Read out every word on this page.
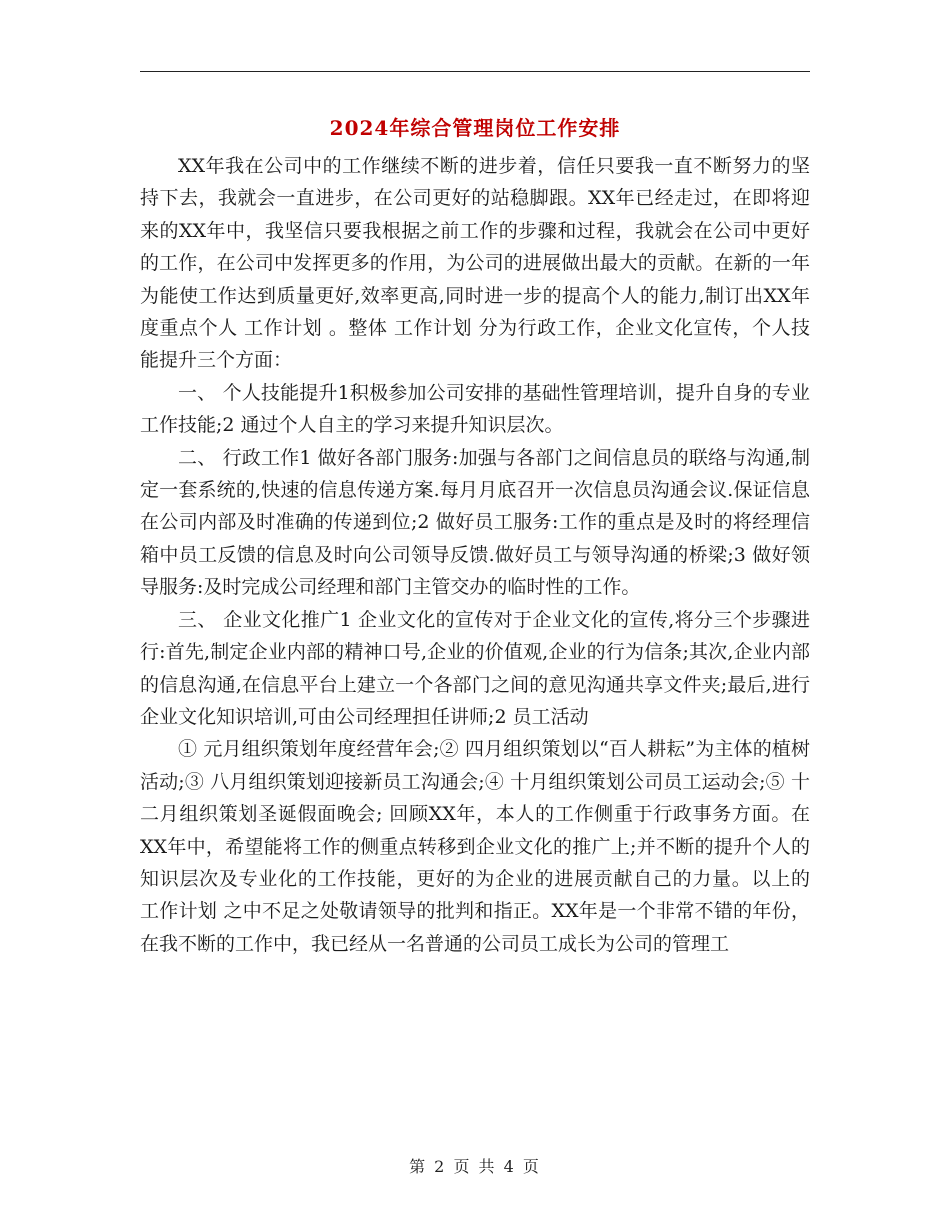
2024年综合管理岗位工作安排

XX年我在公司中的工作继续不断的进步着，信任只要我一直不断努力的坚持下去，我就会一直进步，在公司更好的站稳脚跟。XX年已经走过，在即将迎来的XX年中，我坚信只要我根据之前工作的步骤和过程，我就会在公司中更好的工作，在公司中发挥更多的作用，为公司的进展做出最大的贡献。在新的一年为能使工作达到质量更好,效率更高,同时进一步的提高个人的能力,制订出XX年度重点个人 工作计划 。整体 工作计划 分为行政工作，企业文化宣传，个人技能提升三个方面：

一、 个人技能提升1积极参加公司安排的基础性管理培训，提升自身的专业工作技能;2 通过个人自主的学习来提升知识层次。

二、 行政工作1 做好各部门服务:加强与各部门之间信息员的联络与沟通,制定一套系统的,快速的信息传递方案.每月月底召开一次信息员沟通会议.保证信息在公司内部及时准确的传递到位;2 做好员工服务:工作的重点是及时的将经理信箱中员工反馈的信息及时向公司领导反馈.做好员工与领导沟通的桥梁;3 做好领导服务:及时完成公司经理和部门主管交办的临时性的工作。

三、 企业文化推广1 企业文化的宣传对于企业文化的宣传,将分三个步骤进行:首先,制定企业内部的精神口号,企业的价值观,企业的行为信条;其次,企业内部的信息沟通,在信息平台上建立一个各部门之间的意见沟通共享文件夹;最后,进行企业文化知识培训,可由公司经理担任讲师;2 员工活动

① 元月组织策划年度经营年会;② 四月组织策划以“百人耕耘”为主体的植树活动;③ 八月组织策划迎接新员工沟通会;④ 十月组织策划公司员工运动会;⑤ 十二月组织策划圣诞假面晚会; 回顾XX年，本人的工作侧重于行政事务方面。在XX年中，希望能将工作的侧重点转移到企业文化的推广上;并不断的提升个人的知识层次及专业化的工作技能，更好的为企业的进展贡献自己的力量。以上的 工作计划 之中不足之处敬请领导的批判和指正。XX年是一个非常不错的年份，在我不断的工作中，我已经从一名普通的公司员工成长为公司的管理工

第 2 页 共 4 页
